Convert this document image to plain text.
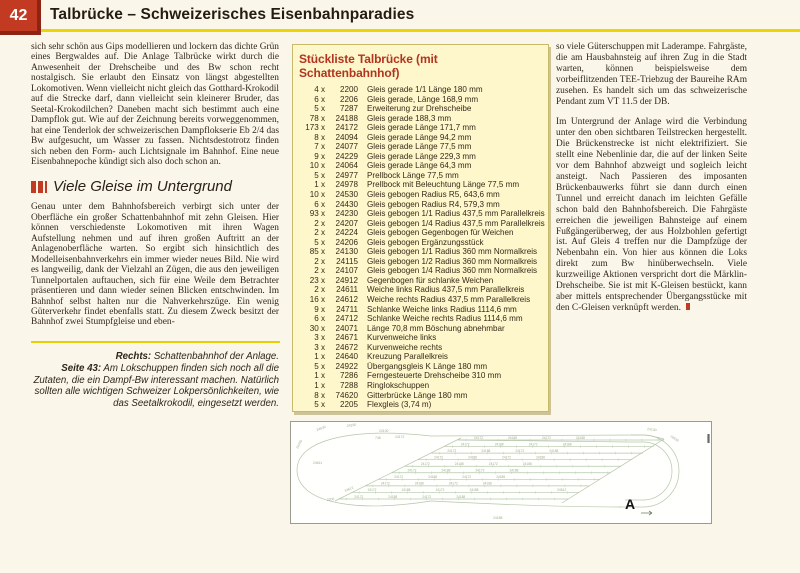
42 Talbrücke – Schweizerisches Eisenbahnparadies

sich sehr schön aus Gips modellieren und lockern das dichte Grün eines Bergwaldes auf. Die Anlage Talbrücke wirkt durch die Anwesenheit der Drehscheibe und des Bw schon recht nostalgisch. Sie erlaubt den Einsatz von längst abgestellten Lokomotiven. Wenn vielleicht nicht gleich das Gotthard-Krokodil auf die Strecke darf, dann vielleicht sein kleinerer Bruder, das Seetal-Krokodilchen? Daneben macht sich bestimmt auch eine Dampflok gut. Wie auf der Zeichnung bereits vorweggenommen, hat eine Tenderlok der schweizerischen Dampflokserie Eb 2/4 das Bw aufgesucht, um Wasser zu fassen. Nichtsdestotrotz finden sich neben den Form- auch Lichtsignale im Bahnhof. Eine neue Eisenbahnepoche kündigt sich also doch schon an.

Viele Gleise im Untergrund

Genau unter dem Bahnhofsbereich verbirgt sich unter der Oberfläche ein großer Schattenbahnhof mit zehn Gleisen. Hier können verschiedenste Lokomotiven mit ihren Wagen Aufstellung nehmen und auf ihren großen Auftritt an der Anlagenoberfläche warten. So ergibt sich hinsichtlich des Modelleisenbahnverkehrs ein immer wieder neues Bild. Nie wird es langweilig, dank der Vielzahl an Zügen, die aus den jeweiligen Tunnelportalen auftauchen, sich für eine Weile dem Betrachter präsentieren und dann wieder seinen Blicken entschwinden. Im Bahnhof selbst halten nur die Nahverkehrszüge. Ein wenig Güterverkehr findet ebenfalls statt. Zu diesem Zweck besitzt der Bahnhof zwei Stumpfgleise und eben-

Rechts: Schattenbahnhof der Anlage.
Seite 43: Am Lokschuppen finden sich noch all die Zutaten, die ein Dampf-Bw interessant machen. Natürlich sollten alle wichtigen Schweizer Lokpersönlichkeiten, wie das Seetalkrokodil, eingesetzt werden.

Stückliste Talbrücke (mit Schattenbahnhof)
4 x	2200 Gleis gerade 1/1 Länge 180 mm
6 x	2206 Gleis gerade, Länge 168,9 mm
5 x	7287 Erweiterung zur Drehscheibe
78 x	24188 Gleis gerade 188,3 mm
173 x	24172 Gleis gerade Länge 171,7 mm
8 x	24094 Gleis gerade Länge 94,2 mm
7 x	24077 Gleis gerade Länge 77,5 mm
9 x	24229 Gleis gerade Länge 229,3 mm
10 x	24064 Gleis gerade Länge 64,3 mm
5 x	24977 Prellbock Länge 77,5 mm
1 x	24978 Prellbock mit Beleuchtung Länge 77,5 mm
10 x	24530 Gleis gebogen Radius R5, 643,6 mm
6 x	24430 Gleis gebogen Radius R4, 579,3 mm
93 x	24230 Gleis gebogen 1/1 Radius 437,5 mm Parallelkreis
2 x	24207 Gleis gebogen 1/4 Radius 437,5 mm Parallelkreis
2 x	24224 Gleis gebogen Gegenbogen für Weichen
5 x	24206 Gleis gebogen Ergänzungsstück
85 x	24130 Gleis gebogen 1/1 Radius 360 mm Normalkreis
2 x	24115 Gleis gebogen 1/2 Radius 360 mm Normalkreis
2 x	24107 Gleis gebogen 1/4 Radius 360 mm Normalkreis
23 x	24912 Gegenbogen für schlanke Weichen
2 x	24611 Weiche links Radius 437,5 mm Parallelkreis
16 x	24612 Weiche rechts Radius 437,5 mm Parallelkreis
9 x	24711 Schlanke Weiche links Radius 1114,6 mm
6 x	24712 Schlanke Weiche rechts Radius 1114,6 mm
30 x	24071 Länge 70,8 mm Böschung abnehmbar
3 x	24671 Kurvenweiche links
3 x	24672 Kurvenweiche rechts
1 x	24640 Kreuzung Parallelkreis
5 x	24922 Übergangsgleis K Länge 180 mm
1 x	7286 Ferngesteuerte Drehscheibe 310 mm
1 x	7288 Ringlokschuppen
8 x	74620 Gitterbrücke Länge 180 mm
5 x	2205 Flexgleis (3,74 m)

so viele Güterschuppen mit Laderampe. Fahrgäste, die am Hausbahnsteig auf ihren Zug in die Stadt warten, können beispielsweise dem vorbeiflitzenden TEE-Triebzug der Baureihe RAm zusehen. Es handelt sich um das schweizerische Pendant zum VT 11.5 der DB.

Im Untergrund der Anlage wird die Verbindung unter den oben sichtbaren Teilstrecken hergestellt. Die Brückenstrecke ist nicht elektrifiziert. Sie stellt eine Nebenlinie dar, die auf der linken Seite vor dem Bahnhof abzweigt und sogleich leicht ansteigt. Nach Passieren des imposanten Brückenbauwerks führt sie dann durch einen Tunnel und erreicht danach im leichten Gefälle schon bald den Bahnhofsbereich. Die Fahrgäste erreichen die jeweiligen Bahnsteige auf einem Fußgängerüberweg, der aus Holzbohlen gefertigt ist. Auf Gleis 4 treffen nur die Dampfzüge der Nebenbahn ein. Von hier aus können die Loks direkt zum Bw hinüberwechseln. Viele kurzweilige Aktionen verspricht dort die Märklin-Drehscheibe. Sie ist mit K-Gleisen bestückt, kann aber mittels entsprechender Übergangsstücke mit den C-Gleisen verknüpft werden.

24172	24188	24172	24188
24172	24188	24172	24188
24172	24188	24172	24188
24172	24188	24172	24188
24172	24188	24172	24188
24172	24188	24172	24188
24172	24188	24172	24188
24172	24188	24172	24188
24172	24188	24172	24188
24172	24188	24172	24188
24530	24230
24430
24130
748	24172
24611
24612
2205
24612
24130
24530
24188
A
